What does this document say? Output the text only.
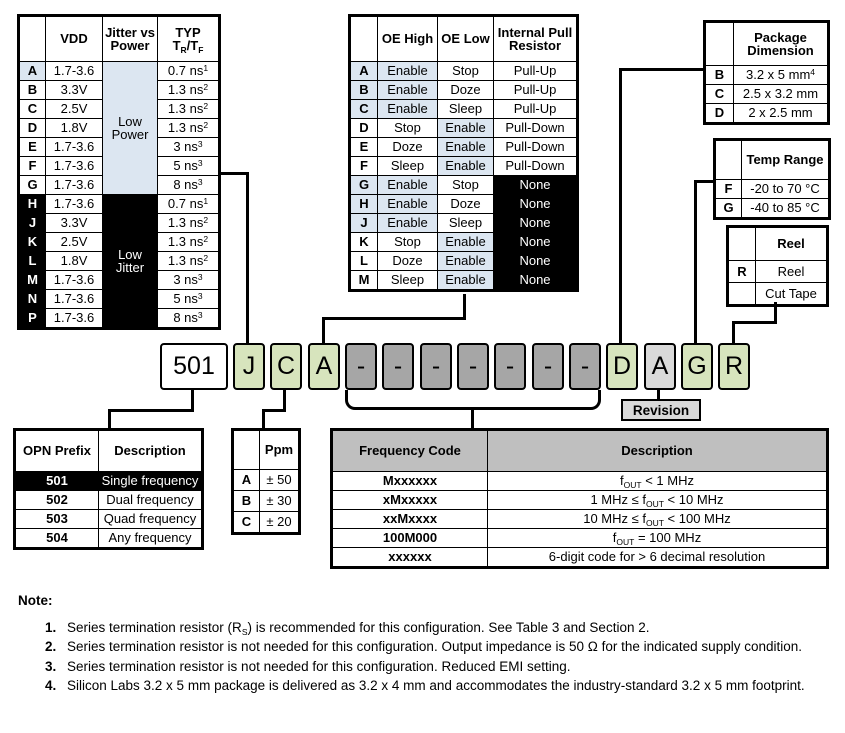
	VDD	Jitter vs Power	TYP
$T_R/T_F$
A	1.7-3.6	Low Power	0.7 $ns^1$
B	3.3V		1.3 $ns^2$
C	2.5V		1.3 $ns^2$
D	1.8V		1.3 $ns^2$
E	1.7-3.6		3 $ns^3$
F	1.7-3.6		5 $ns^3$
G	1.7-3.6		8 $ns^3$
H	1.7-3.6	Low Jitter	0.7 $ns^1$
J	3.3V		1.3 $ns^2$
K	2.5V		1.3 $ns^2$
L	1.8V		1.3 $ns^2$
M	1.7-3.6		3 $ns^3$
N	1.7-3.6		5 $ns^3$
P	1.7-3.6		8 $ns^3$
	OE High	OE Low	Internal Pull Resistor
A	Enable	Stop	Pull-Up
B	Enable	Doze	Pull-Up
C	Enable	Sleep	Pull-Up
D	Stop	Enable	Pull-Down
E	Doze	Enable	Pull-Down
F	Sleep	Enable	Pull-Down
G	Enable	Stop	None
H	Enable	Doze	None
J	Enable	Sleep	None
K	Stop	Enable	None
L	Doze	Enable	None
M	Sleep	Enable	None
	Package Dimension
B	3.2 x 5 $mm^4$
C	2.5 x 3.2 mm
D	2 x 2.5 mm
	Temp Range
F	-20 to 70 °C
G	-40 to 85 °C
	Reel
R	Reel
	Cut Tape
501 J C A - - - - - - - D A G R
Revision
OPN Prefix	Description
501	Single frequency
502	Dual frequency
503	Quad frequency
504	Any frequency
	Ppm
A	± 50
B	± 30
C	± 20
Frequency Code	Description
Mxxxxxx	$f_{OUT} < 1$ MHz
xMxxxxx	1 MHz ≤ $f_{OUT} < 10$ MHz
xxMxxxx	10 MHz ≤ $f_{OUT} < 100$ MHz
100M000	$f_{OUT} = 100$ MHz
xxxxxx	6-digit code for > 6 decimal resolution
Note:
1. Series termination resistor $(R_S)$ is recommended for this configuration. See Table 3 and Section 2.
2. Series termination resistor is not needed for this configuration. Output impedance is 50 Ω for the indicated supply condition.
3. Series termination resistor is not needed for this configuration. Reduced EMI setting.
4. Silicon Labs 3.2 x 5 mm package is delivered as 3.2 x 4 mm and accommodates the industry-standard 3.2 x 5 mm footprint.
